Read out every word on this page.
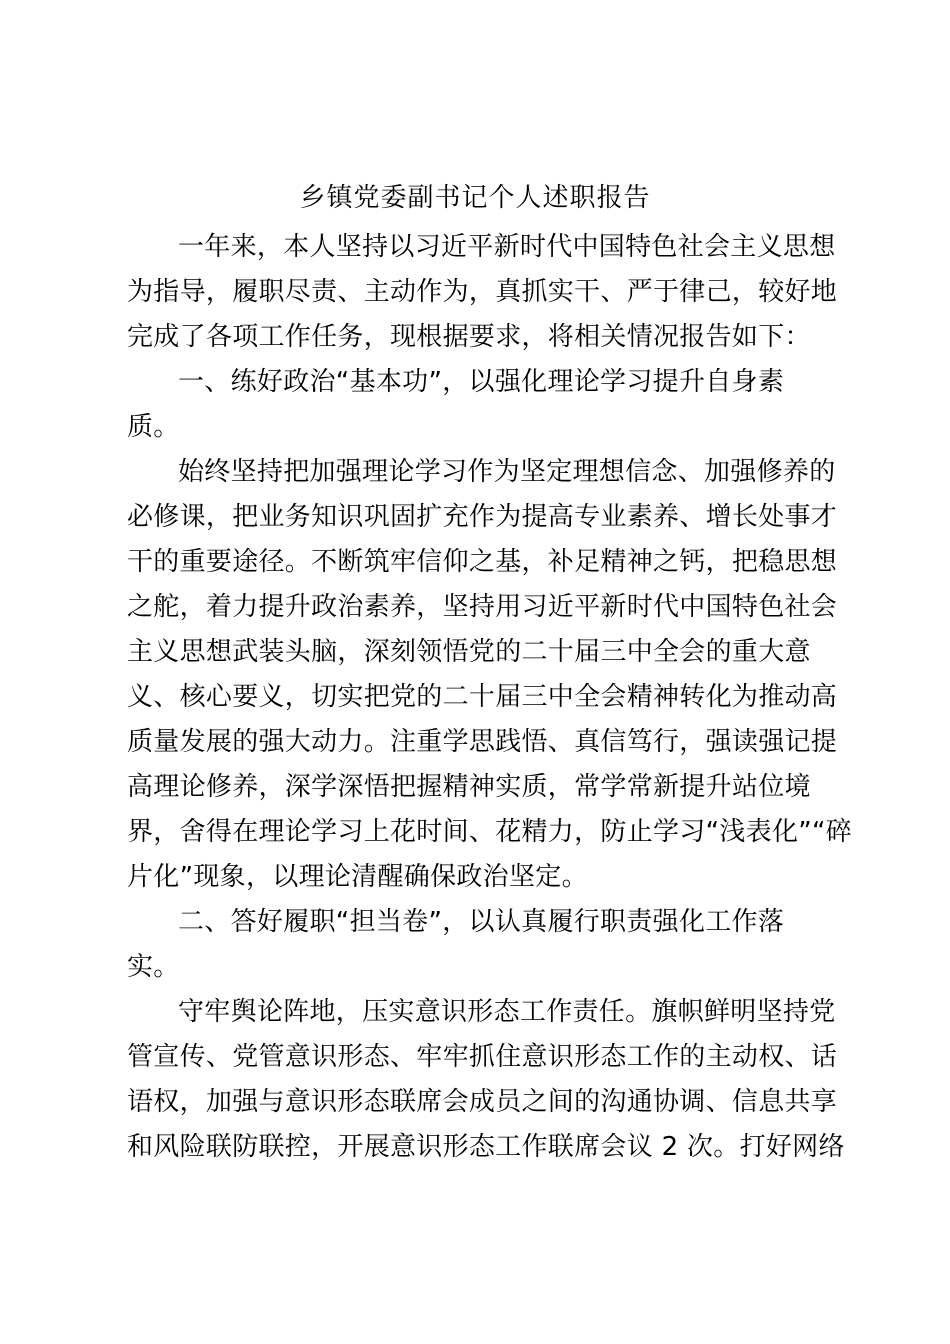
乡镇党委副书记个人述职报告
一年来，本人坚持以习近平新时代中国特色社会主义思想
为指导，履职尽责、主动作为，真抓实干、严于律己，较好地
完成了各项工作任务，现根据要求，将相关情况报告如下：
一、练好政治“基本功”，以强化理论学习提升自身素
质。
始终坚持把加强理论学习作为坚定理想信念、加强修养的
必修课，把业务知识巩固扩充作为提高专业素养、增长处事才
干的重要途径。不断筑牢信仰之基，补足精神之钙，把稳思想
之舵，着力提升政治素养，坚持用习近平新时代中国特色社会
主义思想武装头脑，深刻领悟党的二十届三中全会的重大意
义、核心要义，切实把党的二十届三中全会精神转化为推动高
质量发展的强大动力。注重学思践悟、真信笃行，强读强记提
高理论修养，深学深悟把握精神实质，常学常新提升站位境
界，舍得在理论学习上花时间、花精力，防止学习“浅表化”“碎
片化”现象，以理论清醒确保政治坚定。
二、答好履职“担当卷”，以认真履行职责强化工作落
实。
守牢舆论阵地，压实意识形态工作责任。旗帜鲜明坚持党
管宣传、党管意识形态、牢牢抓住意识形态工作的主动权、话
语权，加强与意识形态联席会成员之间的沟通协调、信息共享
和风险联防联控，开展意识形态工作联席会议 2 次。打好网络
